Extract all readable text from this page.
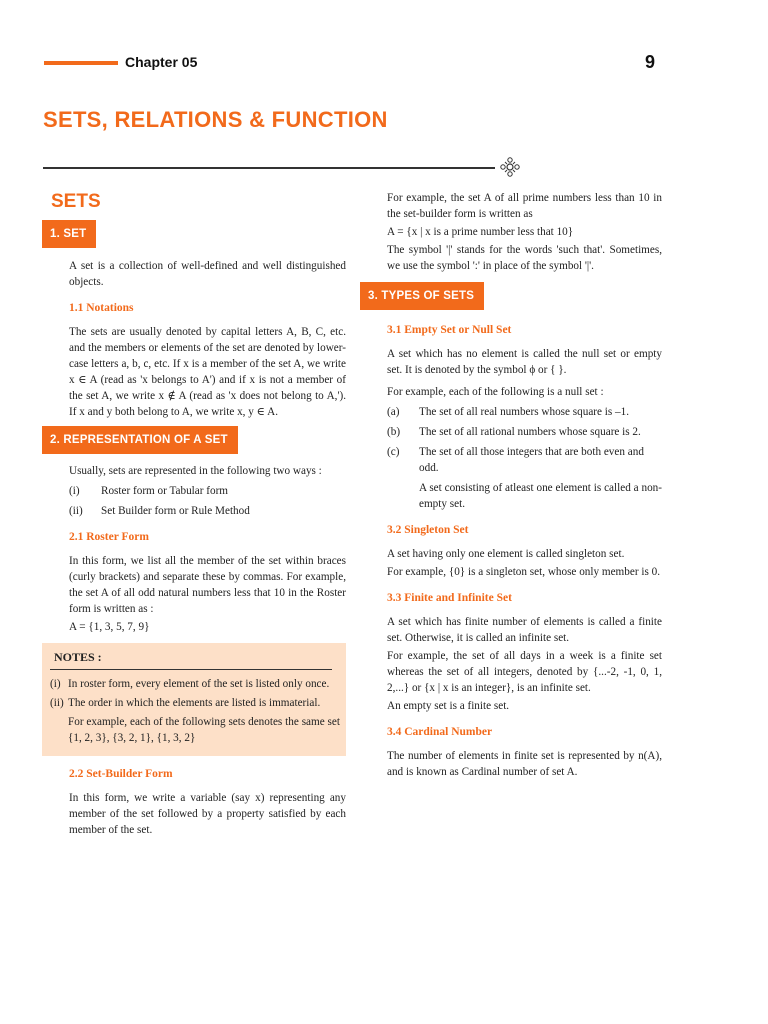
Chapter 05	9
SETS, RELATIONS & FUNCTION
SETS
1. SET
A set is a collection of well-defined and well distinguished objects.
1.1 Notations
The sets are usually denoted by capital letters A, B, C, etc. and the members or elements of the set are denoted by lower-case letters a, b, c, etc. If x is a member of the set A, we write x ∈ A (read as 'x belongs to A') and if x is not a member of the set A, we write x ∉ A (read as 'x does not belong to A,'). If x and y both belong to A, we write x, y ∈ A.
2. REPRESENTATION OF A SET
Usually, sets are represented in the following two ways :
(i)	Roster form or Tabular form
(ii)	Set Builder form or Rule Method
2.1 Roster Form
In this form, we list all the member of the set within braces (curly brackets) and separate these by commas. For example, the set A of all odd natural numbers less that 10 in the Roster form is written as :
A = {1, 3, 5, 7, 9}
NOTES :
(i) In roster form, every element of the set is listed only once.
(ii) The order in which the elements are listed is immaterial.
For example, each of the following sets denotes the same set {1, 2, 3}, {3, 2, 1}, {1, 3, 2}
2.2 Set-Builder Form
In this form, we write a variable (say x) representing any member of the set followed by a property satisfied by each member of the set.
For example, the set A of all prime numbers less than 10 in the set-builder form is written as
A = {x | x is a prime number less that 10}
The symbol '|' stands for the words 'such that'. Sometimes, we use the symbol ':' in place of the symbol '|'.
3. TYPES OF SETS
3.1 Empty Set or Null Set
A set which has no element is called the null set or empty set. It is denoted by the symbol ϕ or { }.
For example, each of the following is a null set :
(a)	The set of all real numbers whose square is –1.
(b)	The set of all rational numbers whose square is 2.
(c)	The set of all those integers that are both even and odd.
A set consisting of atleast one element is called a non-empty set.
3.2 Singleton Set
A set having only one element is called singleton set.
For example, {0} is a singleton set, whose only member is 0.
3.3 Finite and Infinite Set
A set which has finite number of elements is called a finite set. Otherwise, it is called an infinite set.
For example, the set of all days in a week is a finite set whereas the set of all integers, denoted by {...-2, -1, 0, 1, 2,...} or {x | x is an integer}, is an infinite set.
An empty set is a finite set.
3.4 Cardinal Number
The number of elements in finite set is represented by n(A), and is known as Cardinal number of set A.
